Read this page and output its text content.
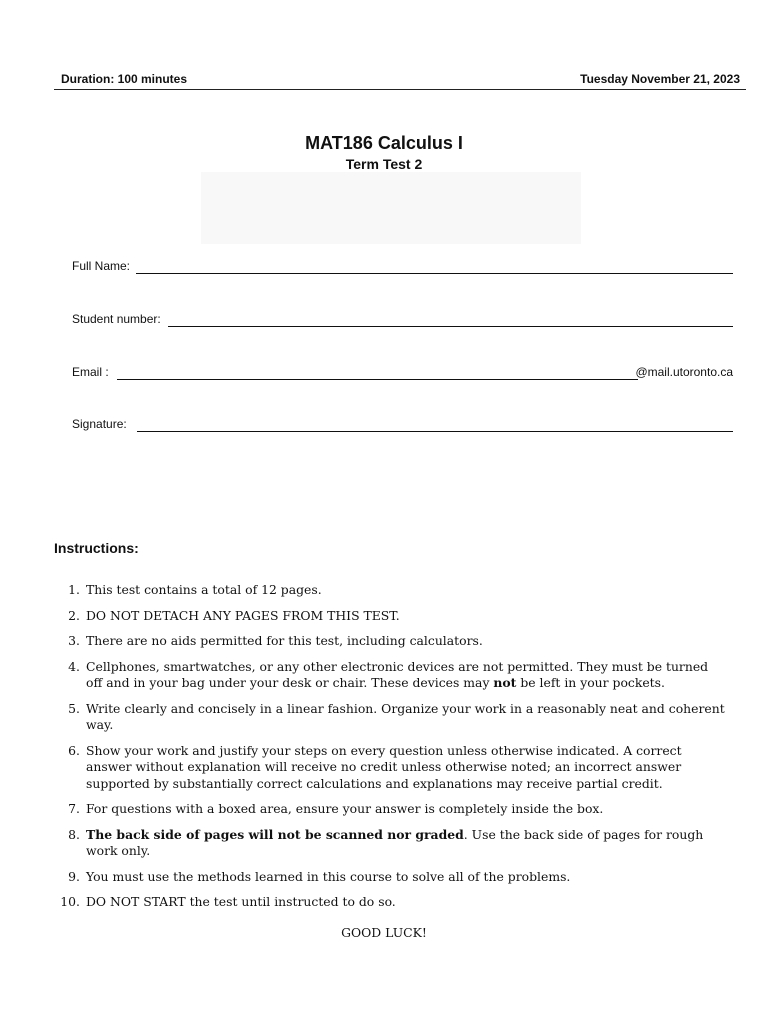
Duration: 100 minutes	Tuesday November 21, 2023
MAT186 Calculus I
Term Test 2
Full Name:
Student number:
Email :	@mail.utoronto.ca
Signature:
Instructions:
1. This test contains a total of 12 pages.
2. DO NOT DETACH ANY PAGES FROM THIS TEST.
3. There are no aids permitted for this test, including calculators.
4. Cellphones, smartwatches, or any other electronic devices are not permitted. They must be turned off and in your bag under your desk or chair. These devices may not be left in your pockets.
5. Write clearly and concisely in a linear fashion. Organize your work in a reasonably neat and coherent way.
6. Show your work and justify your steps on every question unless otherwise indicated. A correct answer without explanation will receive no credit unless otherwise noted; an incorrect answer supported by substantially correct calculations and explanations may receive partial credit.
7. For questions with a boxed area, ensure your answer is completely inside the box.
8. The back side of pages will not be scanned nor graded. Use the back side of pages for rough work only.
9. You must use the methods learned in this course to solve all of the problems.
10. DO NOT START the test until instructed to do so.
GOOD LUCK!
